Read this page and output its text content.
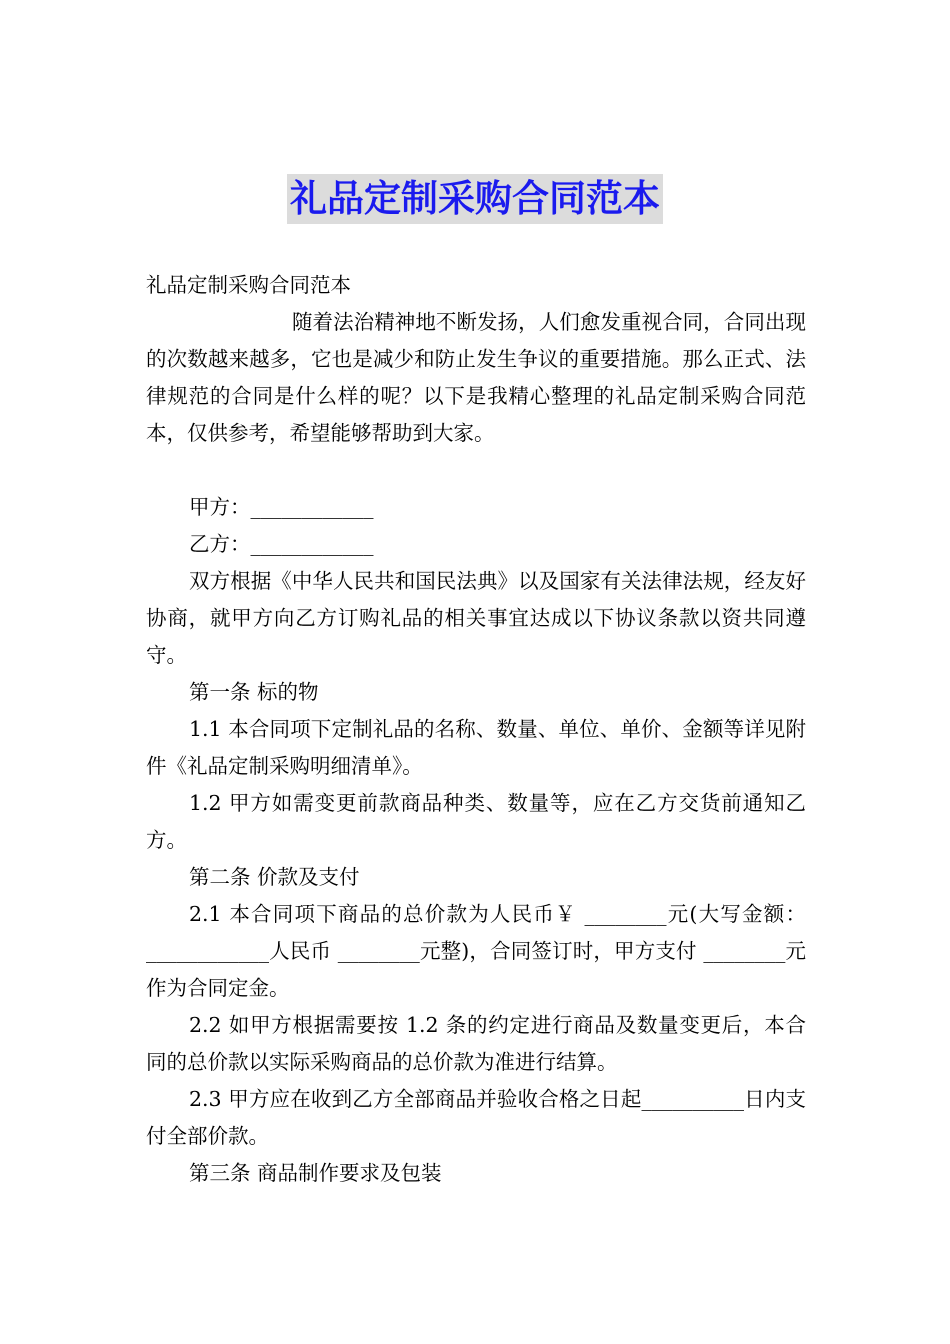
礼品定制采购合同范本

礼品定制采购合同范本

随着法治精神地不断发扬，人们愈发重视合同，合同出现的次数越来越多，它也是减少和防止发生争议的重要措施。那么正式、法律规范的合同是什么样的呢？以下是我精心整理的礼品定制采购合同范本，仅供参考，希望能够帮助到大家。

甲方：____________

乙方：____________

双方根据《中华人民共和国民法典》以及国家有关法律法规，经友好协商，就甲方向乙方订购礼品的相关事宜达成以下协议条款以资共同遵守。

第一条 标的物

1.1 本合同项下定制礼品的名称、数量、单位、单价、金额等详见附件《礼品定制采购明细清单》。

1.2 甲方如需变更前款商品种类、数量等，应在乙方交货前通知乙方。

第二条 价款及支付

2.1 本合同项下商品的总价款为人民币￥ ________元(大写金额：____________人民币 ________元整)，合同签订时，甲方支付 ________元作为合同定金。

2.2 如甲方根据需要按 1.2 条的约定进行商品及数量变更后，本合同的总价款以实际采购商品的总价款为准进行结算。

2.3 甲方应在收到乙方全部商品并验收合格之日起__________日内支付全部价款。

第三条 商品制作要求及包装
